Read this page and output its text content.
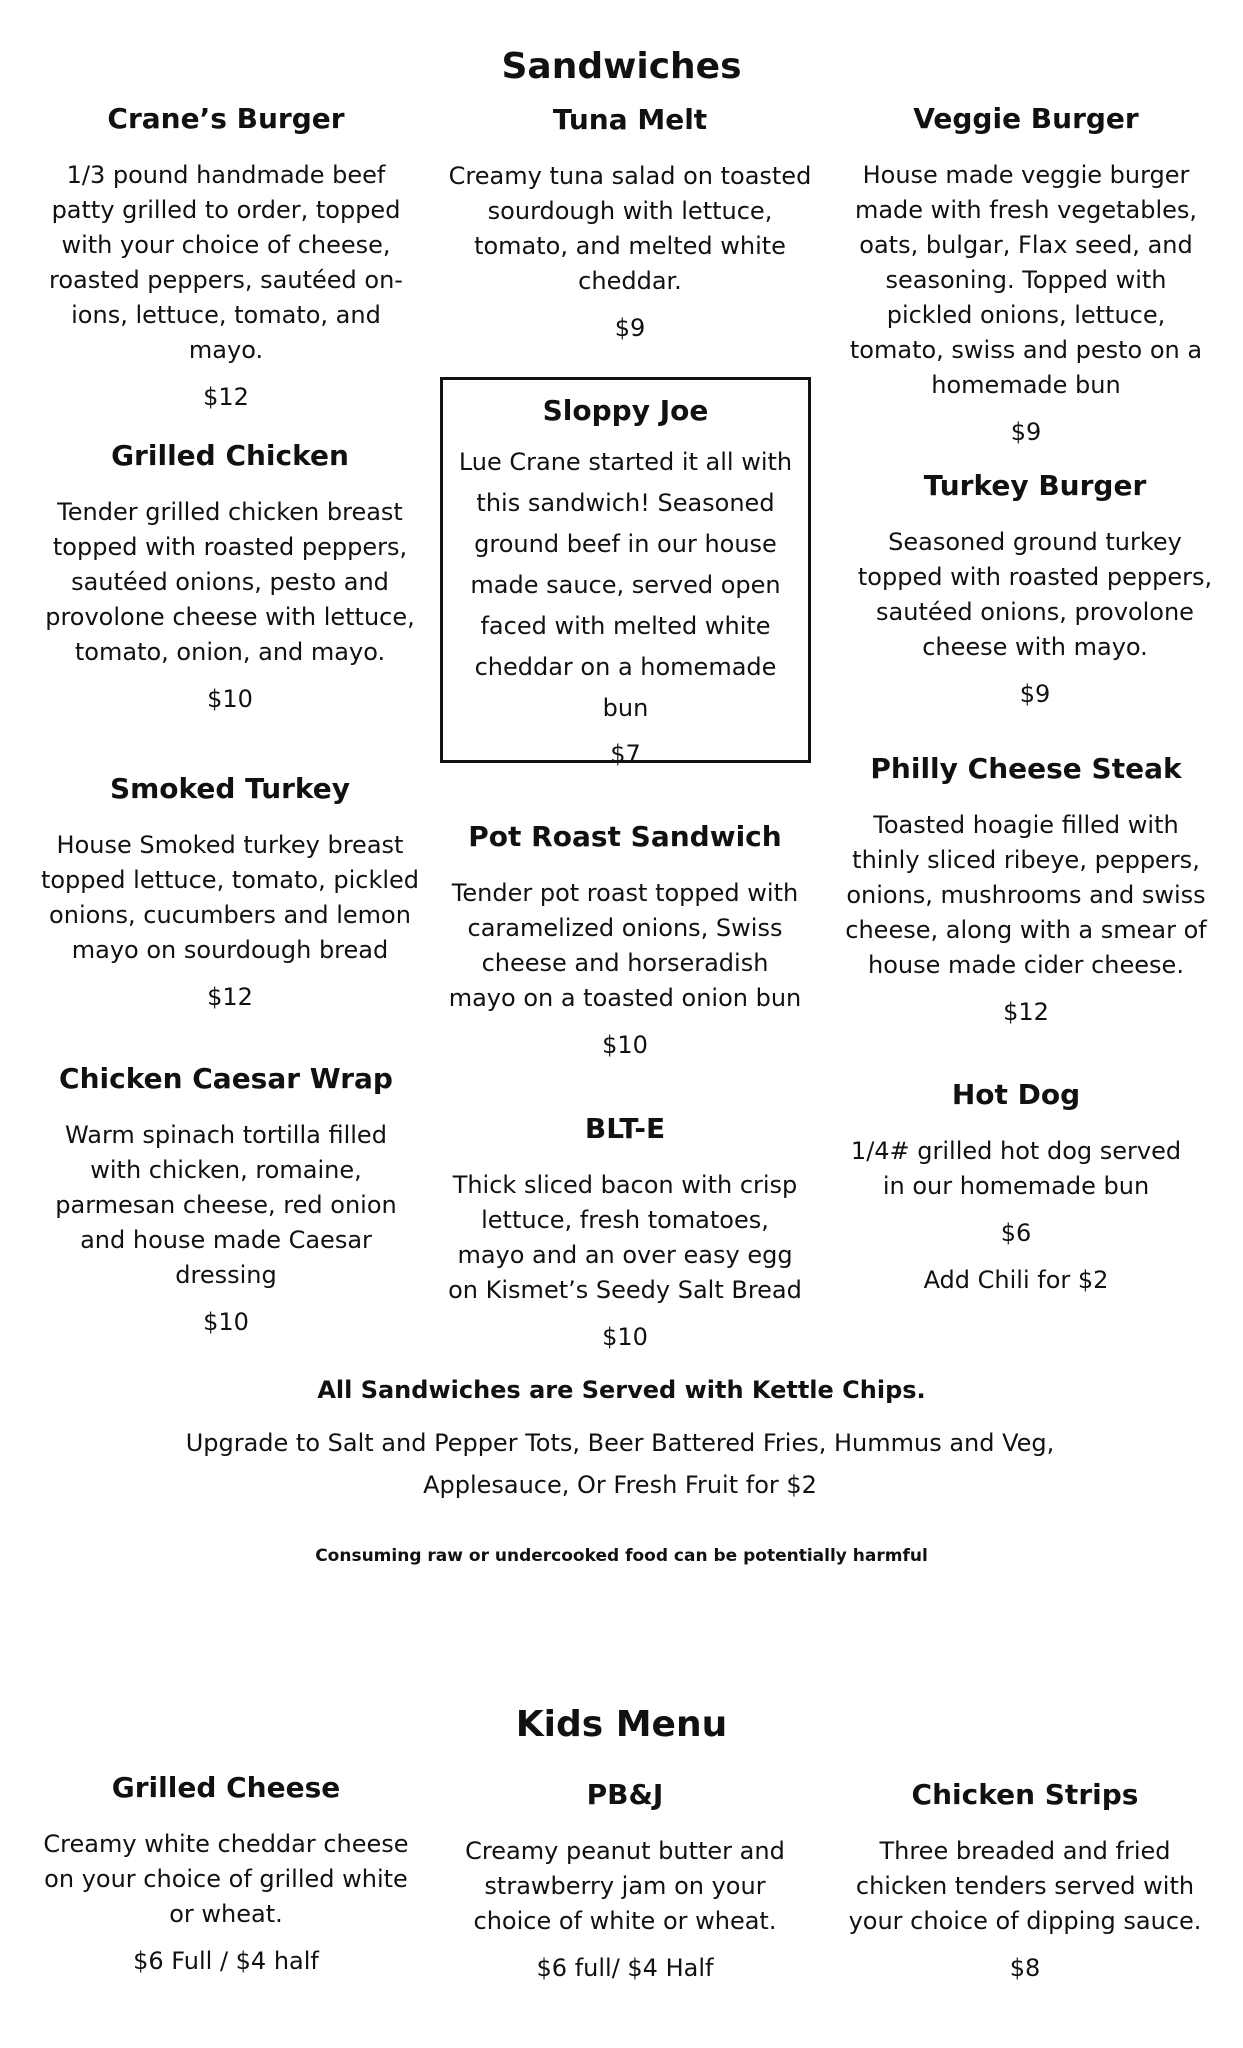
Sandwiches
Crane’s Burger
1/3 pound handmade beef patty grilled to order, topped with your choice of cheese, roasted peppers, sautéed on-ions, lettuce, tomato, and mayo.
$12
Grilled Chicken
Tender grilled chicken breast topped with roasted peppers, sautéed onions, pesto and provolone cheese with lettuce, tomato, onion, and mayo.
$10
Smoked Turkey
House Smoked turkey breast topped lettuce, tomato, pickled onions, cucumbers and lemon mayo on sourdough bread
$12
Chicken Caesar Wrap
Warm spinach tortilla filled with chicken, romaine, parmesan cheese, red onion and house made Caesar dressing
$10
Tuna Melt
Creamy tuna salad on toasted sourdough with lettuce, tomato, and melted white cheddar.
$9
Sloppy Joe
Lue Crane started it all with this sandwich! Seasoned ground beef in our house made sauce, served open faced with melted white cheddar on a homemade bun
$7
Pot Roast Sandwich
Tender pot roast topped with caramelized onions, Swiss cheese and horseradish mayo on a toasted onion bun
$10
BLT-E
Thick sliced bacon with crisp lettuce, fresh tomatoes, mayo and an over easy egg on Kismet’s Seedy Salt Bread
$10
Veggie Burger
House made veggie burger made with fresh vegetables, oats, bulgar, Flax seed, and seasoning. Topped with pickled onions, lettuce, tomato, swiss and pesto on a homemade bun
$9
Turkey Burger
Seasoned ground turkey topped with roasted peppers, sautéed onions, provolone cheese with mayo.
$9
Philly Cheese Steak
Toasted hoagie filled with thinly sliced ribeye, peppers, onions, mushrooms and swiss cheese, along with a smear of house made cider cheese.
$12
Hot Dog
1/4# grilled hot dog served in our homemade bun
$6
Add Chili for $2
All Sandwiches are Served with Kettle Chips.
Upgrade to Salt and Pepper Tots, Beer Battered Fries, Hummus and Veg, Applesauce, Or Fresh Fruit for $2
Consuming raw or undercooked food can be potentially harmful
Kids Menu
Grilled Cheese
Creamy white cheddar cheese on your choice of grilled white or wheat.
$6 Full / $4 half
PB&J
Creamy peanut butter and strawberry jam on your choice of white or wheat.
$6 full/ $4 Half
Chicken Strips
Three breaded and fried chicken tenders served with your choice of dipping sauce.
$8
